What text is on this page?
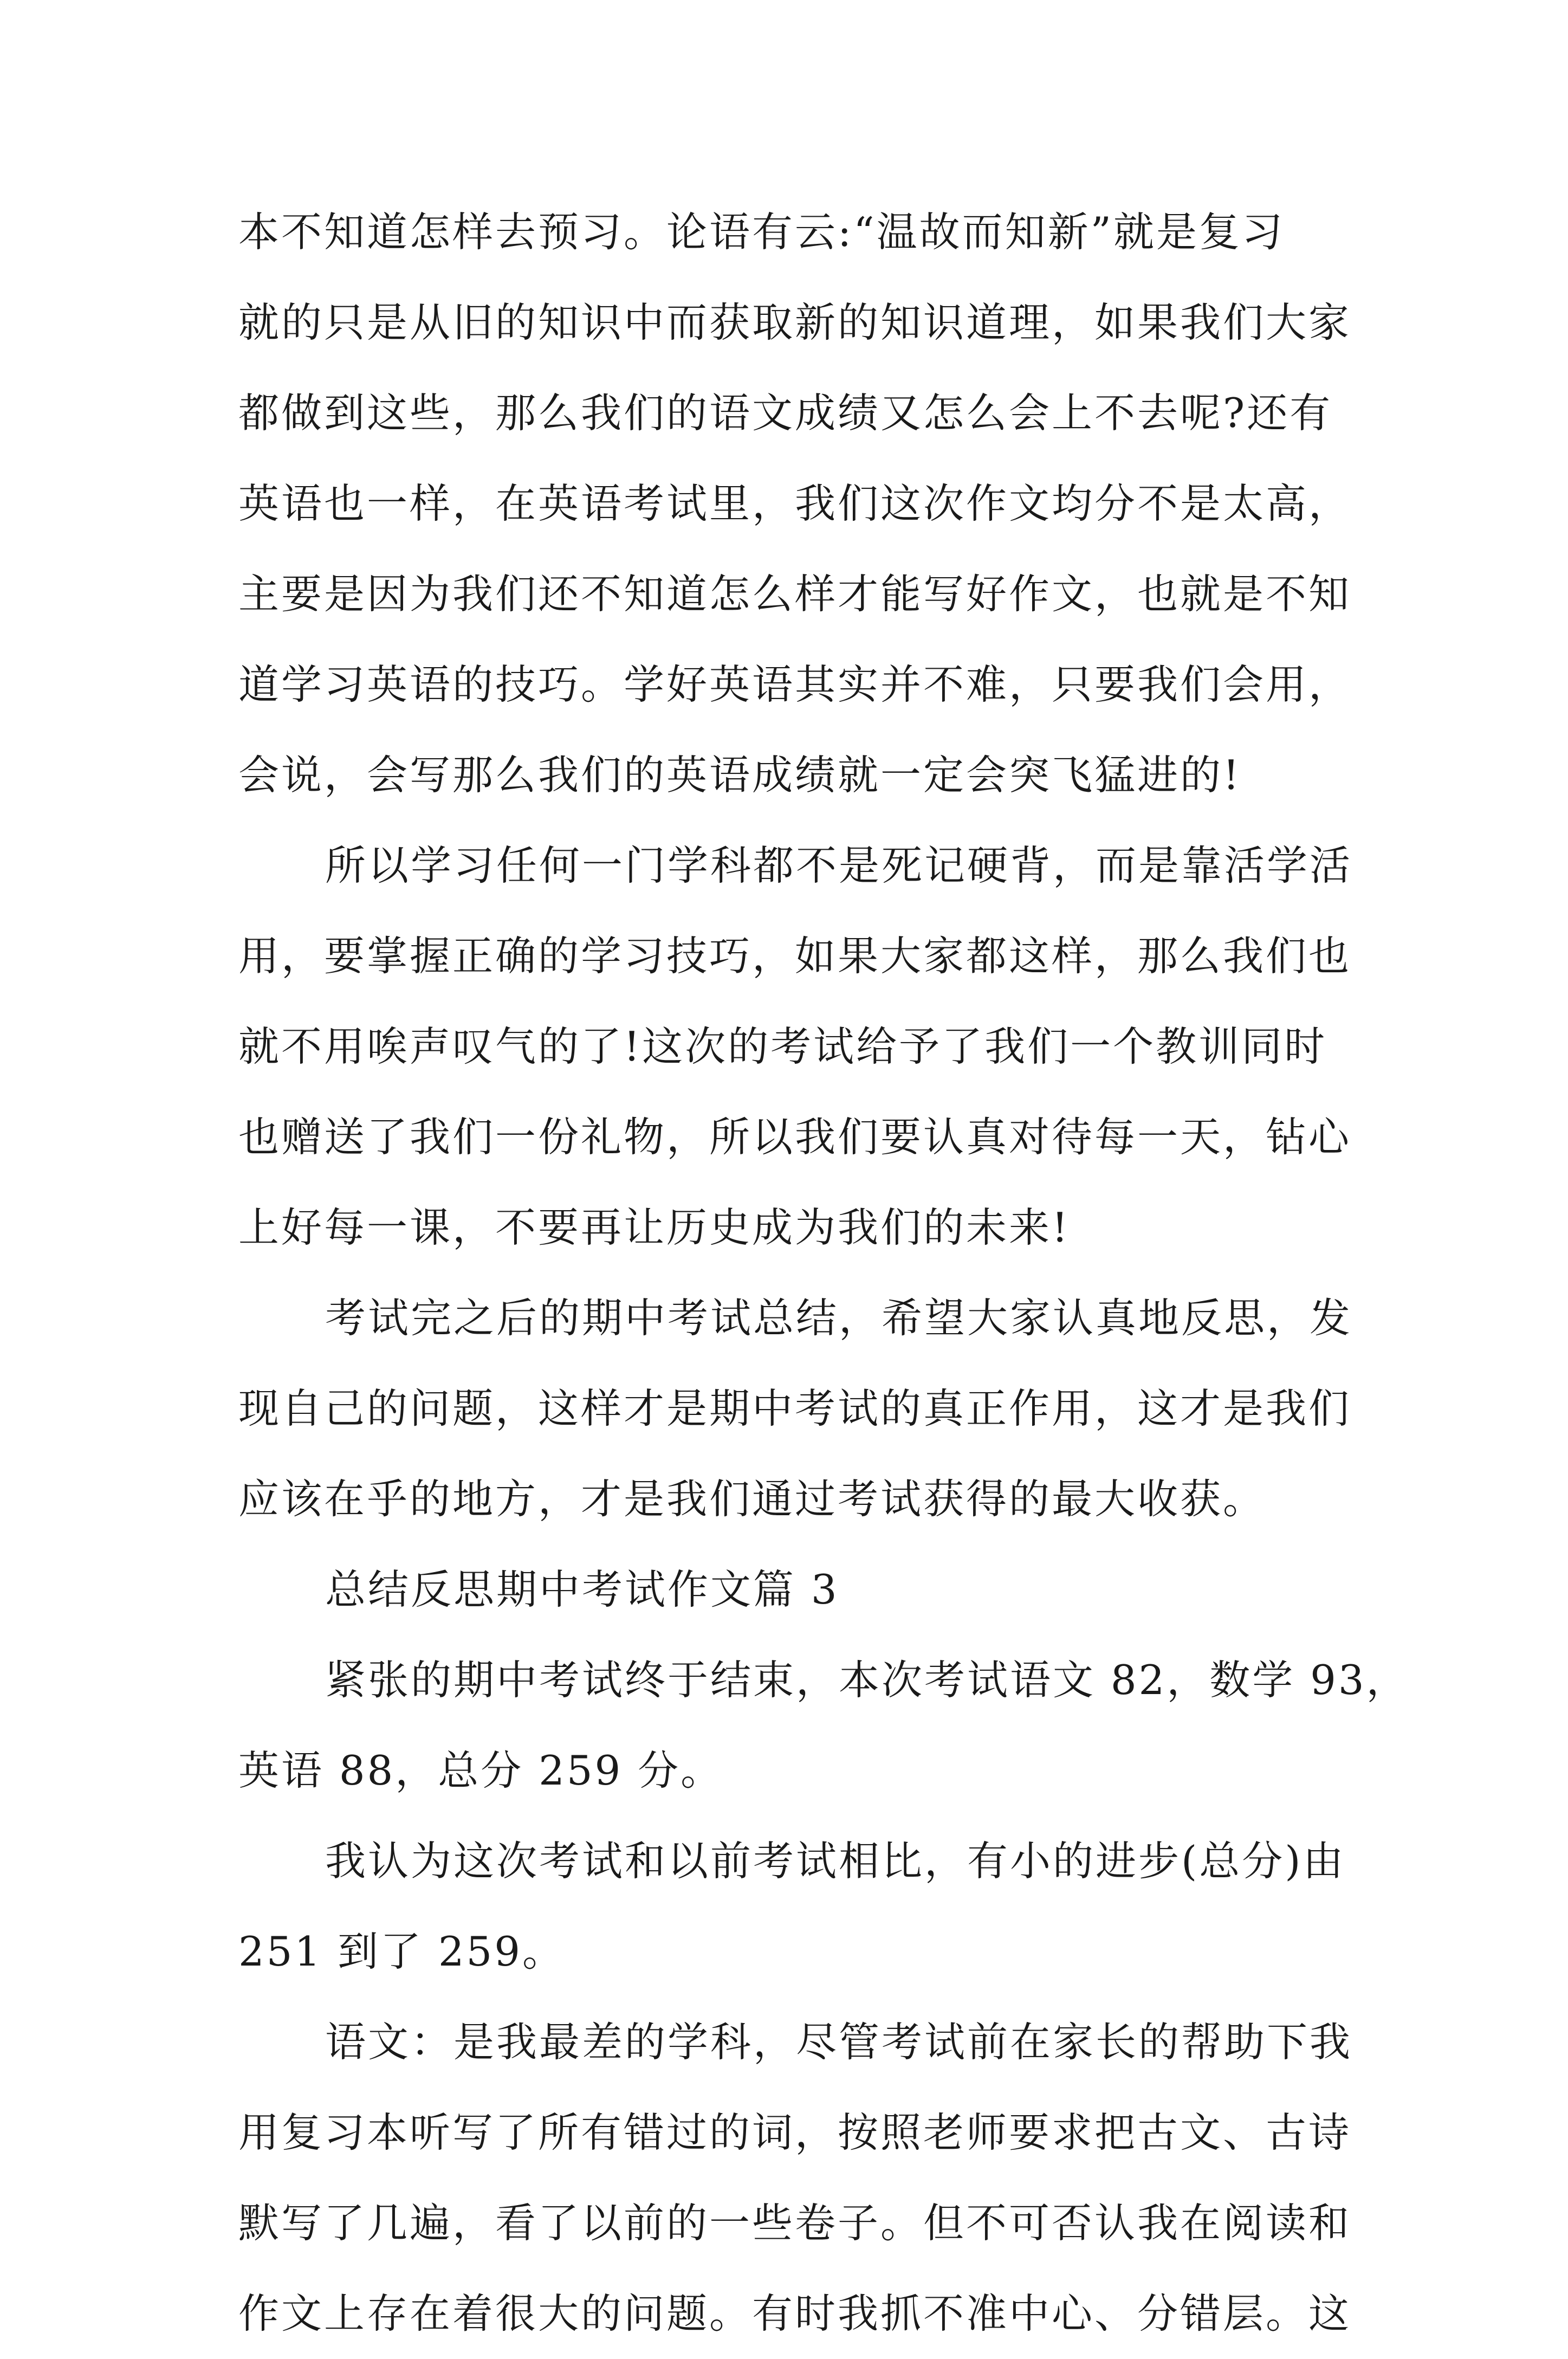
本不知道怎样去预习。论语有云:“温故而知新”就是复习
就的只是从旧的知识中而获取新的知识道理，如果我们大家
都做到这些，那么我们的语文成绩又怎么会上不去呢?还有
英语也一样，在英语考试里，我们这次作文均分不是太高，
主要是因为我们还不知道怎么样才能写好作文，也就是不知
道学习英语的技巧。学好英语其实并不难，只要我们会用，
会说，会写那么我们的英语成绩就一定会突飞猛进的!
所以学习任何一门学科都不是死记硬背，而是靠活学活
用，要掌握正确的学习技巧，如果大家都这样，那么我们也
就不用唉声叹气的了!这次的考试给予了我们一个教训同时
也赠送了我们一份礼物，所以我们要认真对待每一天，钻心
上好每一课，不要再让历史成为我们的未来!
考试完之后的期中考试总结，希望大家认真地反思，发
现自己的问题，这样才是期中考试的真正作用，这才是我们
应该在乎的地方，才是我们通过考试获得的最大收获。
总结反思期中考试作文篇 3
紧张的期中考试终于结束，本次考试语文 82，数学 93，
英语 88，总分 259 分。
我认为这次考试和以前考试相比，有小的进步(总分)由
251 到了 259。
语文：是我最差的学科，尽管考试前在家长的帮助下我
用复习本听写了所有错过的词，按照老师要求把古文、古诗
默写了几遍，看了以前的一些卷子。但不可否认我在阅读和
作文上存在着很大的问题。有时我抓不准中心、分错层。这
